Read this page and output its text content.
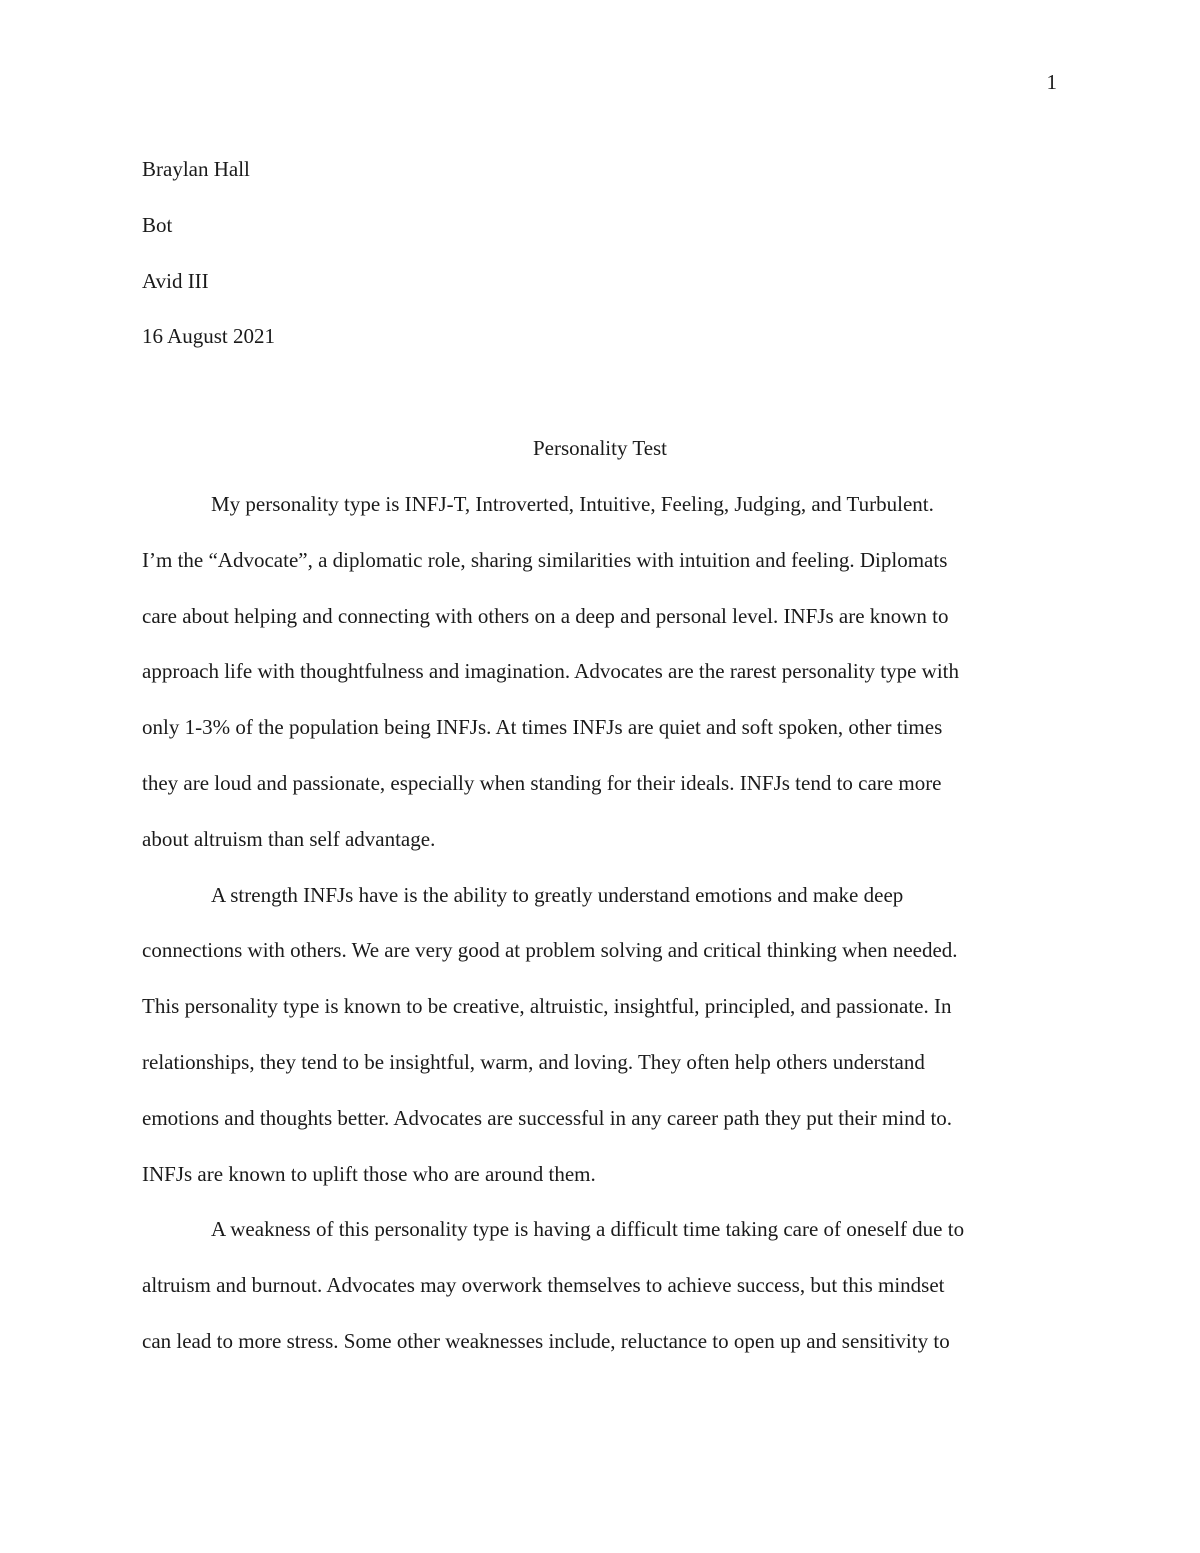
1

Braylan Hall

Bot

Avid III

16 August 2021

Personality Test

My personality type is INFJ-T, Introverted, Intuitive, Feeling, Judging, and Turbulent.
I’m the “Advocate”, a diplomatic role, sharing similarities with intuition and feeling. Diplomats
care about helping and connecting with others on a deep and personal level. INFJs are known to
approach life with thoughtfulness and imagination. Advocates are the rarest personality type with
only 1-3% of the population being INFJs. At times INFJs are quiet and soft spoken, other times
they are loud and passionate, especially when standing for their ideals. INFJs tend to care more
about altruism than self advantage.

A strength INFJs have is the ability to greatly understand emotions and make deep
connections with others. We are very good at problem solving and critical thinking when needed.
This personality type is known to be creative, altruistic, insightful, principled, and passionate. In
relationships, they tend to be insightful, warm, and loving. They often help others understand
emotions and thoughts better. Advocates are successful in any career path they put their mind to.
INFJs are known to uplift those who are around them.

A weakness of this personality type is having a difficult time taking care of oneself due to
altruism and burnout. Advocates may overwork themselves to achieve success, but this mindset
can lead to more stress. Some other weaknesses include, reluctance to open up and sensitivity to
